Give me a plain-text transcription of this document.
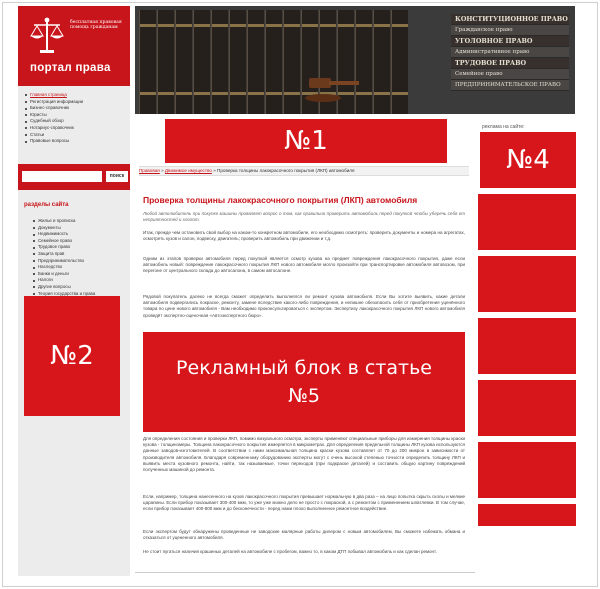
бесплатная правовая помощь гражданам
портал права
Главная страница
Регистрация информации
Бизнес-справочник
Юристы
Судебный обзор
Нотариус-справочник
Статьи
Правовые вопросы
поиск
разделы сайта
Жилье и прописка
Документы
Недвижимость
Семейное право
Трудовое право
Защита прав
Предпринимательство
Наследство
Банки и деньги
Налоги
Другие вопросы
Теория государства и права
№2
КОНСТИТУЦИОННОЕ ПРАВО
Гражданское право
УГОЛОВНОЕ ПРАВО
Административное право
ТРУДОВОЕ ПРАВО
Семейное право
ПРЕДПРИНИМАТЕЛЬСКОЕ ПРАВО
№1
Правовая » Движимое имущество » Проверка толщины лакокрасочного покрытия (ЛКП) автомобиля
Проверка толщины лакокрасочного покрытия (ЛКП) автомобиля

Любой автолюбитель при покупке машины проявляет вопрос о том, как правильно проверить автомобиль перед покупкой чтобы уберечь себя от неприятностей и хлопот.

Итак, прежде чем остановить свой выбор на каком-то конкретном автомобиле, его необходимо осмотреть: проверить документы и номера на агрегатах, осмотреть кузов и салон, подвеску, двигатель; проверить автомобиль при движении и т.д.

Одним из этапов проверки автомобиля перед покупкой является осмотр кузова на предмет повреждения лакокрасочного покрытия, даже если автомобиль новый: повреждение лакокрасочного покрытия ЛКП нового автомобиля могло произойти при транспортировке автомобиля автовозом, при перегоне от центрального склада до автосалона, в самом автосалоне.

Рядовой покупатель далеко не всегда сможет определить выполнялся ли ремонт кузова автомобиля. Если Вы хотите выявить, какие детали автомобиля подвергались покраске, ремонту, замене вследствие какого-либо повреждения, и нелишне обезопасить себя от приобретения уценённого товара по цене нового автомобиля - Вам необходимо проконсультироваться с экспертом. Экспертизу лакокрасочного покрытия ЛКП нового автомобиля проведёт экспертно-оценочная «Автоэкспертного бюро».

Рекламный блок в статье
№5

Для определения состояния и проверки ЛКП, помимо визуального осмотра, эксперты применяют специальные приборы для измерения толщины краски кузова - толщиномеры. Толщина лакокрасочного покрытия измеряется в микрометрах. Для определения предельной толщины ЛКП кузова используются данные заводов-изготовителей. В соответствии с ними максимальная толщина краски кузова составляет от 70 до 200 микрон в зависимости от производителя автомобиля. Благодаря современному оборудованию эксперты могут с очень высокой степенью точности определить толщину ЛКП и выявить места кузовного ремонта, найти, так называемые, точки переходов (при подкраске деталей) и составить общую картину повреждений полученных машиной до ремонта.

Если, например, толщина нанесенного на кузов лакокрасочного покрытия превышает нормальную в два раза – на лицо попытка скрыть сколы и мелкие царапины. Если прибор показывает 300-400 мкм, то уже уже можно дело не просто с покраской, а с ремонтом с применением шпатлевки. В том случае, если прибор показывает 400-800 мкм и до бесконечности - перед нами плохо выполненное ремонтное воздействие.

Если экспертом будут обнаружены проведенные не заводские малярные работы дилером с новым автомобилем, Вы сможете избежать обмана и отказаться от уцененного автомобиля.

Не стоит пугаться наличия крашеных деталей на автомобиле с пробегом, важно то, в каком ДТП побывал автомобиль и как сделан ремонт.

реклама на сайте:
№4
